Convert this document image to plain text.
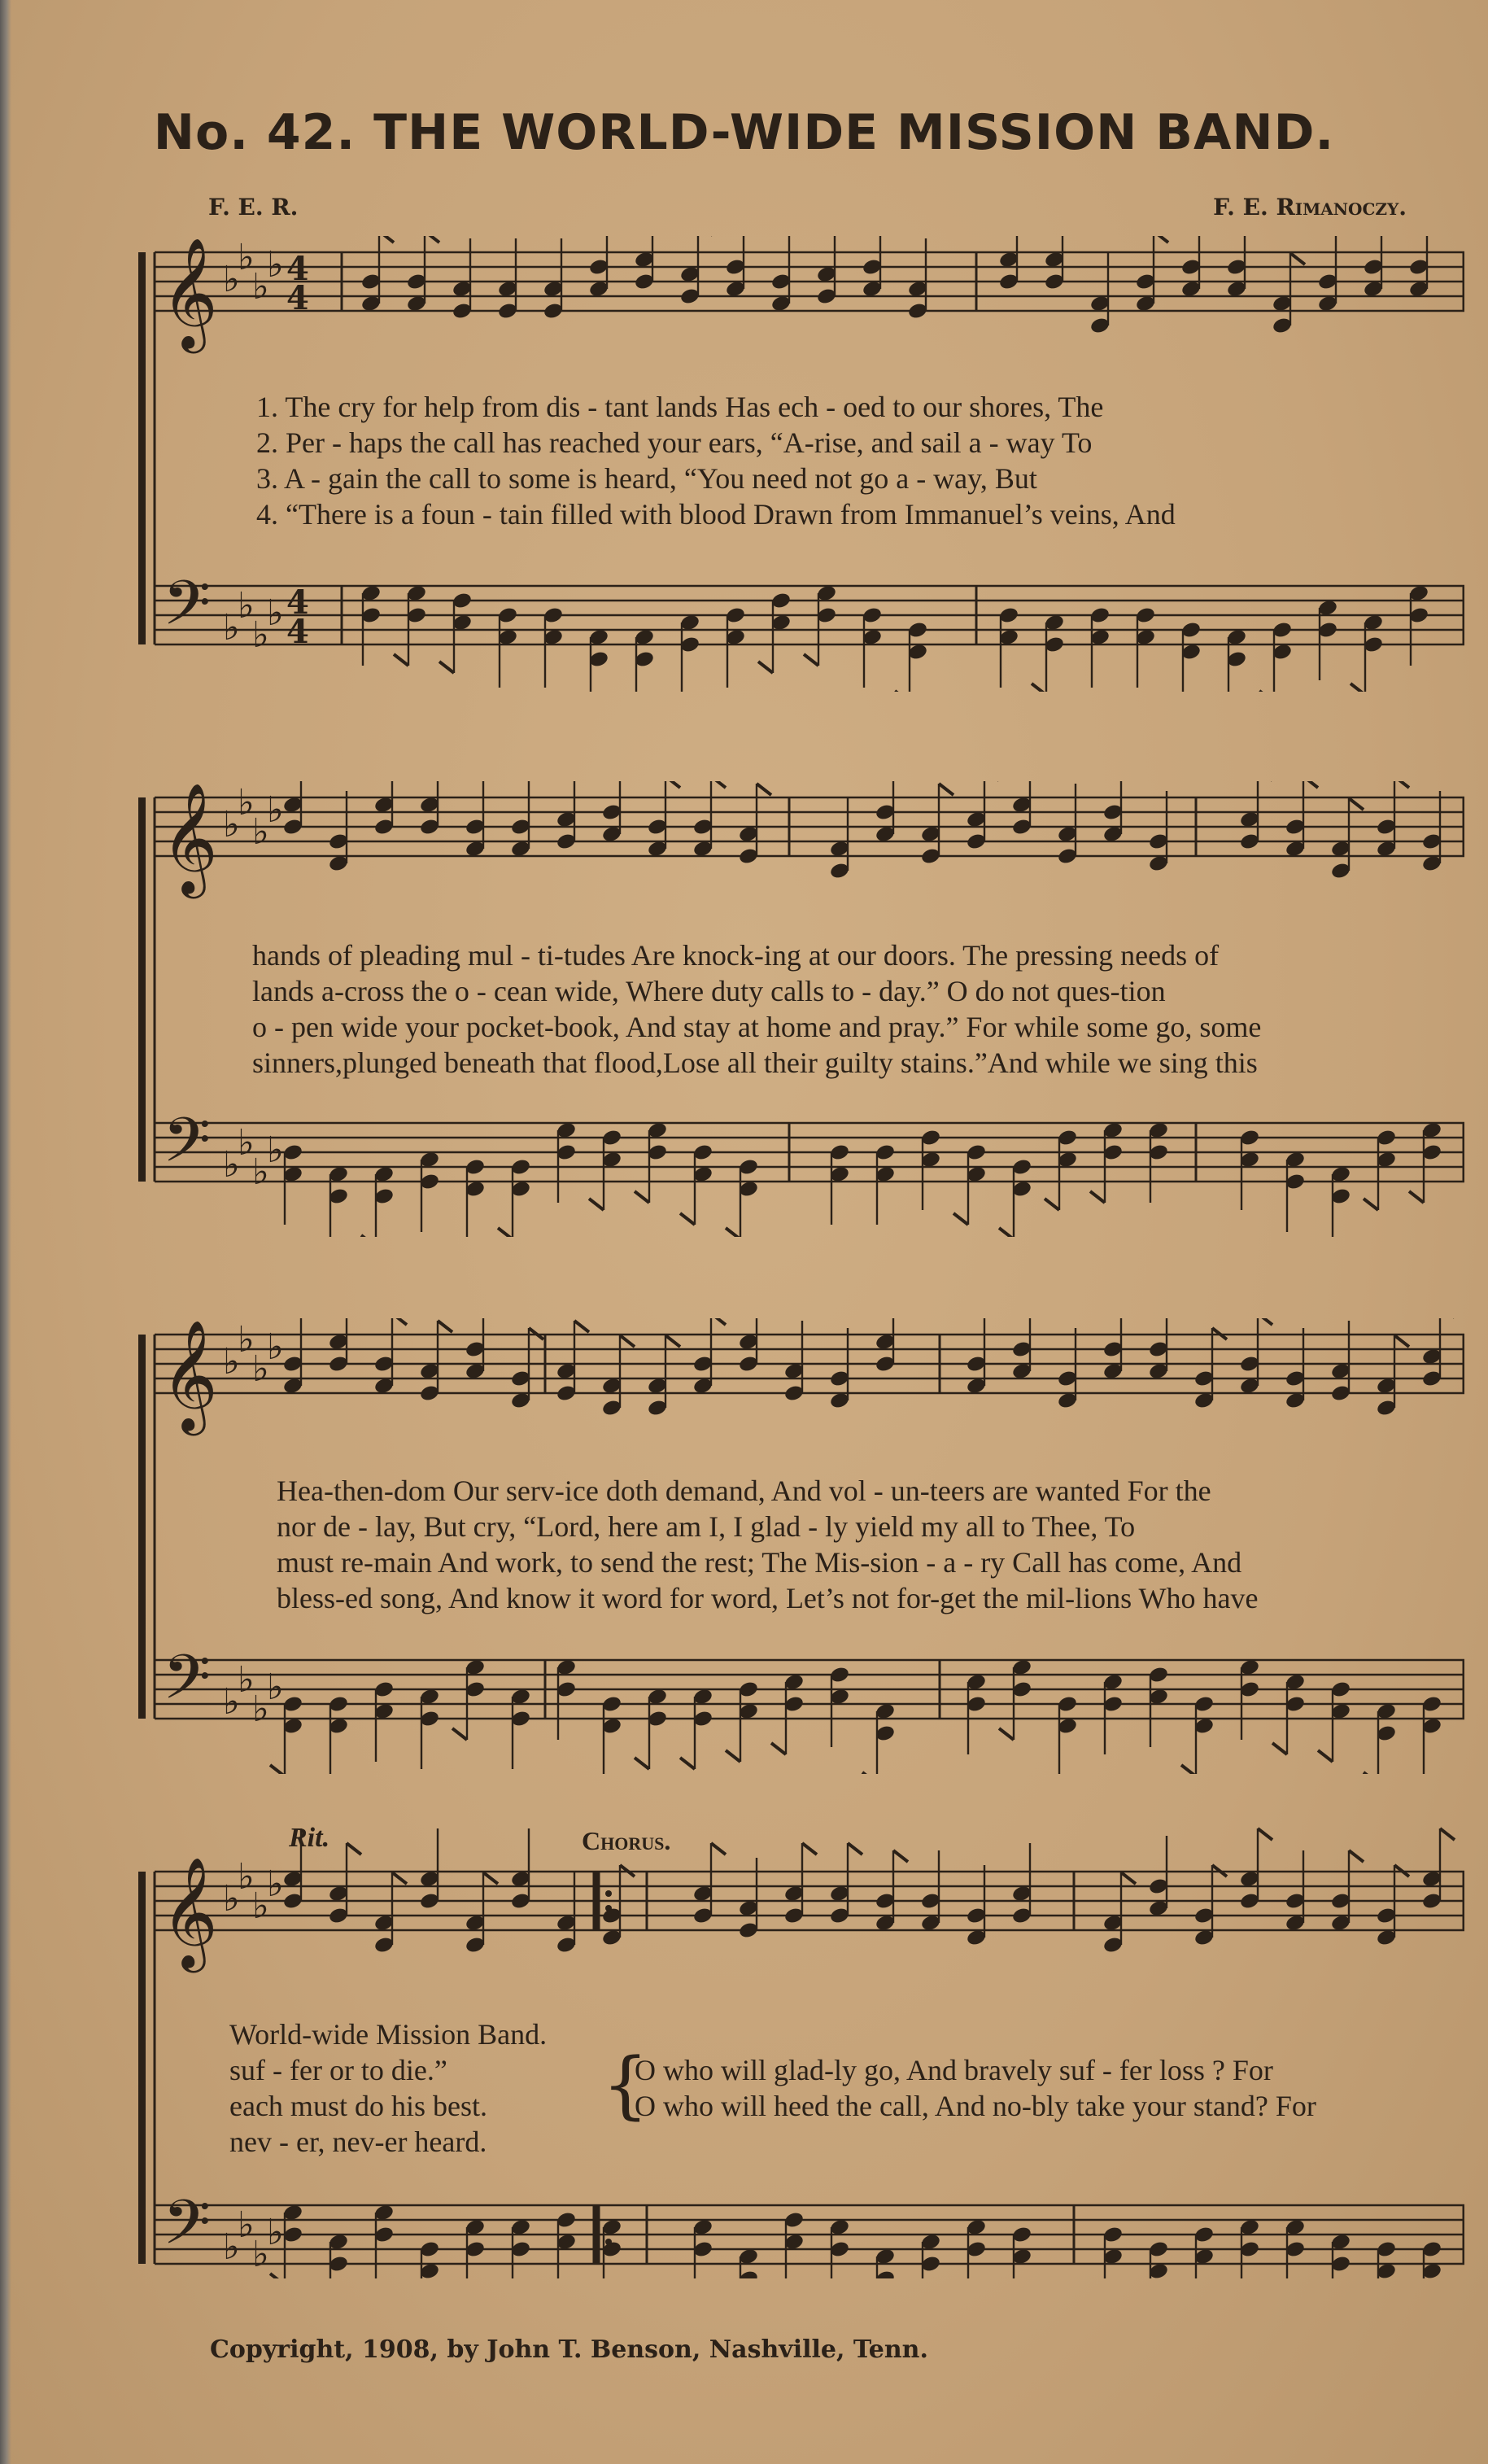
No. 42. THE WORLD-WIDE MISSION BAND.
F. E. R.	F. E. Rimanoczy.
𝄞
𝄢
♭
♭
♭
♭
♭
♭
♭
♭
4
4
4
4
1. The cry for help from dis - tant lands Has ech - oed to our shores, The
2. Per - haps the call has reached your ears, “A-rise, and sail a - way To
3. A - gain the call to some is heard, “You need not go a - way, But
4. “There is a foun - tain filled with blood Drawn from Immanuel’s veins, And
𝄞
𝄢
♭
♭
♭
♭
♭
♭
♭
♭
hands of pleading mul - ti-tudes Are knock-ing at our doors. The pressing needs of
lands a-cross the o - cean wide, Where duty calls to - day.” O do not ques-tion
o - pen wide your pocket-book, And stay at home and pray.” For while some go, some
sinners,plunged beneath that flood,Lose all their guilty stains.”And while we sing this
𝄞
𝄢
♭
♭
♭
♭
♭
♭
♭
♭
Hea-then-dom Our serv-ice doth demand, And vol - un-teers are wanted For the
nor de - lay, But cry, “Lord, here am I, I glad - ly yield my all to Thee, To
must re-main And work, to send the rest; The Mis-sion - a - ry Call has come, And
bless-ed song, And know it word for word, Let’s not for-get the mil-lions Who have
Rit.	Chorus.
𝄞
𝄢
♭
♭
♭
♭
♭
♭
♭
♭
World-wide Mission Band.
suf - fer or to die.”
each must do his best.
nev - er, nev-er heard.
{
O who will glad-ly go, And bravely suf - fer loss ? For
O who will heed the call, And no-bly take your stand? For
Copyright, 1908, by John T. Benson, Nashville, Tenn.
